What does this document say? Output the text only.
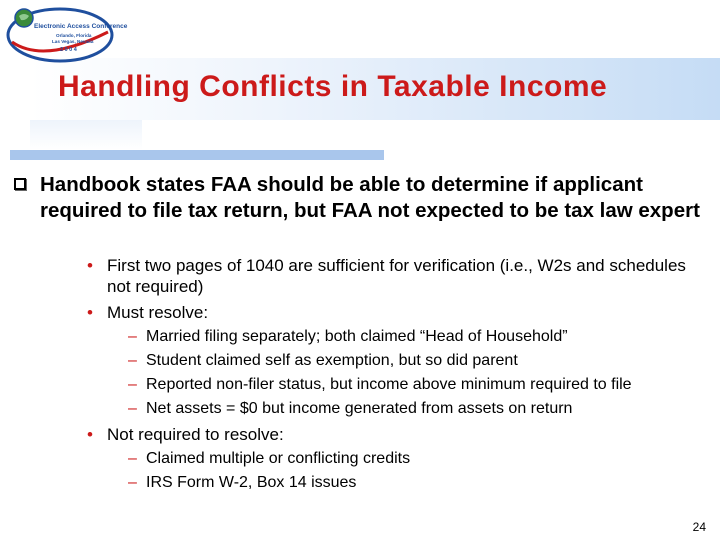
Electronic Access Conference
Orlando, Florida
Las Vegas, Nevada
2 0 0 4
Handling Conflicts in Taxable Income
Handbook states FAA should be able to determine if applicant required to file tax return, but FAA not expected to be tax law expert
• First two pages of 1040 are sufficient for verification (i.e., W2s and schedules not required)
• Must resolve:
– Married filing separately; both claimed “Head of Household”
– Student claimed self as exemption, but so did parent
– Reported non-filer status, but income above minimum required to file
– Net assets = $0 but income generated from assets on return
• Not required to resolve:
– Claimed multiple or conflicting credits
– IRS Form W-2, Box 14 issues
24
